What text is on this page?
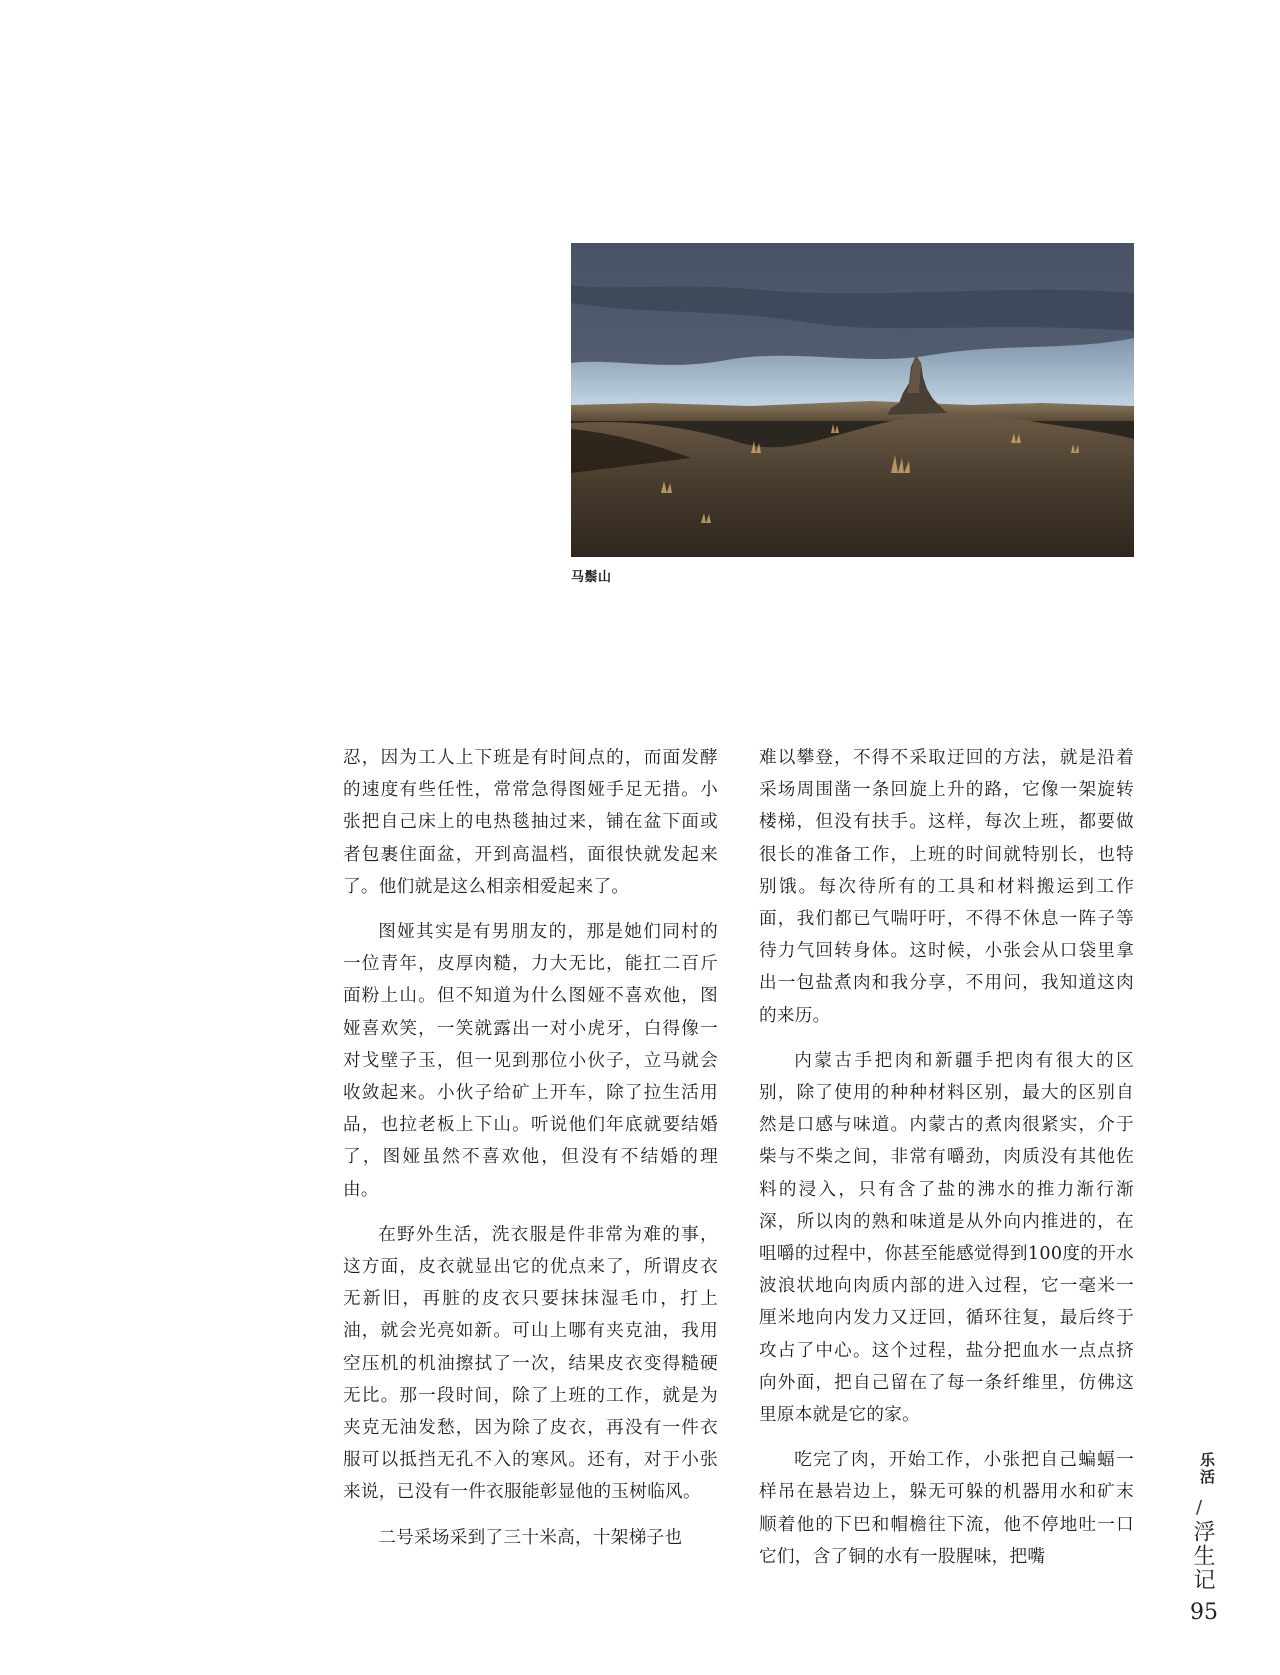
马鬃山

忍，因为工人上下班是有时间点的，而面发酵的速度有些任性，常常急得图娅手足无措。小张把自己床上的电热毯抽过来，铺在盆下面或者包裹住面盆，开到高温档，面很快就发起来了。他们就是这么相亲相爱起来了。

图娅其实是有男朋友的，那是她们同村的一位青年，皮厚肉糙，力大无比，能扛二百斤面粉上山。但不知道为什么图娅不喜欢他，图娅喜欢笑，一笑就露出一对小虎牙，白得像一对戈壁子玉，但一见到那位小伙子，立马就会收敛起来。小伙子给矿上开车，除了拉生活用品，也拉老板上下山。听说他们年底就要结婚了，图娅虽然不喜欢他，但没有不结婚的理由。

在野外生活，洗衣服是件非常为难的事，这方面，皮衣就显出它的优点来了，所谓皮衣无新旧，再脏的皮衣只要抹抹湿毛巾，打上油，就会光亮如新。可山上哪有夹克油，我用空压机的机油擦拭了一次，结果皮衣变得糙硬无比。那一段时间，除了上班的工作，就是为夹克无油发愁，因为除了皮衣，再没有一件衣服可以抵挡无孔不入的寒风。还有，对于小张来说，已没有一件衣服能彰显他的玉树临风。

二号采场采到了三十米高，十架梯子也

难以攀登，不得不采取迂回的方法，就是沿着采场周围凿一条回旋上升的路，它像一架旋转楼梯，但没有扶手。这样，每次上班，都要做很长的准备工作，上班的时间就特别长，也特别饿。每次待所有的工具和材料搬运到工作面，我们都已气喘吁吁，不得不休息一阵子等待力气回转身体。这时候，小张会从口袋里拿出一包盐煮肉和我分享，不用问，我知道这肉的来历。

内蒙古手把肉和新疆手把肉有很大的区别，除了使用的种种材料区别，最大的区别自然是口感与味道。内蒙古的煮肉很紧实，介于柴与不柴之间，非常有嚼劲，肉质没有其他佐料的浸入，只有含了盐的沸水的推力渐行渐深，所以肉的熟和味道是从外向内推进的，在咀嚼的过程中，你甚至能感觉得到100度的开水波浪状地向肉质内部的进入过程，它一毫米一厘米地向内发力又迂回，循环往复，最后终于攻占了中心。这个过程，盐分把血水一点点挤向外面，把自己留在了每一条纤维里，仿佛这里原本就是它的家。

吃完了肉，开始工作，小张把自己蝙蝠一样吊在悬岩边上，躲无可躲的机器用水和矿末顺着他的下巴和帽檐往下流，他不停地吐一口它们，含了铜的水有一股腥味，把嘴

乐活
/
浮生记
95
